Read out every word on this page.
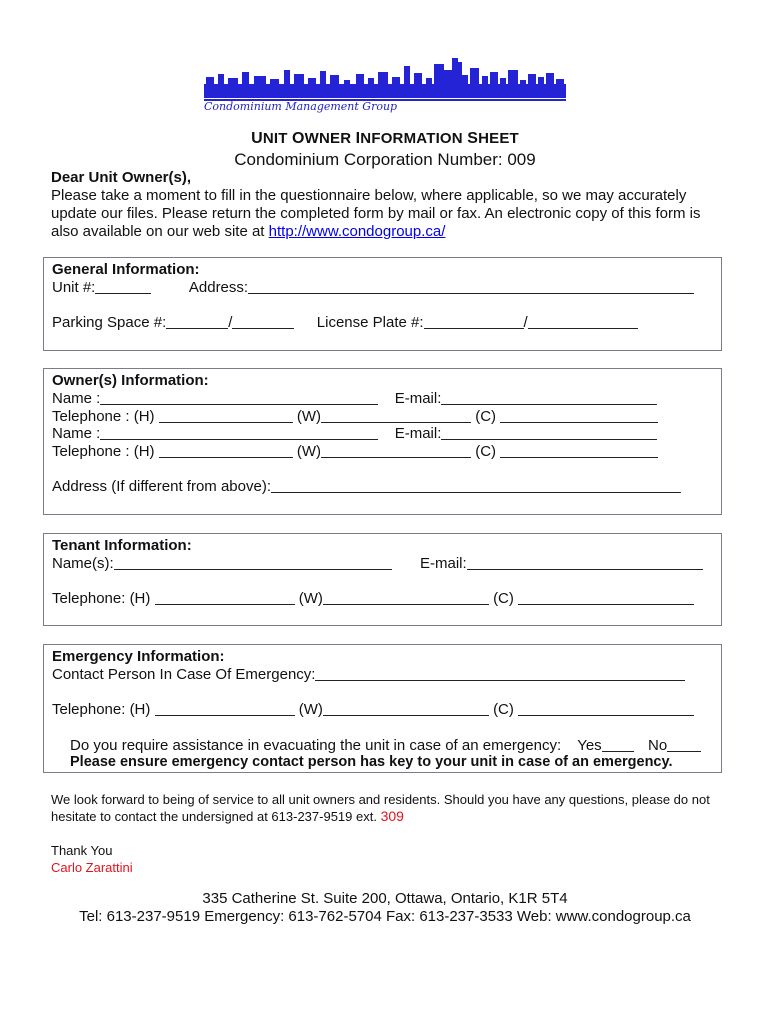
Condominium Management Group
UNIT OWNER INFORMATION SHEET
Condominium Corporation Number: 009
Dear Unit Owner(s),
Please take a moment to fill in the questionnaire below, where applicable, so we may accurately update our files. Please return the completed form by mail or fax. An electronic copy of this form is also available on our web site at http://www.condogroup.ca/
General Information:
Unit #:	Address:
Parking Space #:	/	License Plate #:	/
Owner(s) Information:
Name :	E-mail:
Telephone : (H)	(W)	(C)
Name :	E-mail:
Telephone : (H)	(W)	(C)
Address (If different from above):
Tenant Information:
Name(s):	E-mail:
Telephone: (H)	(W)	(C)
Emergency Information:
Contact Person In Case Of Emergency:
Telephone: (H)	(W)	(C)
Do you require assistance in evacuating the unit in case of an emergency: Yes	No
Please ensure emergency contact person has key to your unit in case of an emergency.
We look forward to being of service to all unit owners and residents. Should you have any questions, please do not hesitate to contact the undersigned at 613-237-9519 ext. 309
Thank You
Carlo Zarattini
335 Catherine St. Suite 200, Ottawa, Ontario, K1R 5T4
Tel: 613-237-9519 Emergency: 613-762-5704 Fax: 613-237-3533 Web: www.condogroup.ca
